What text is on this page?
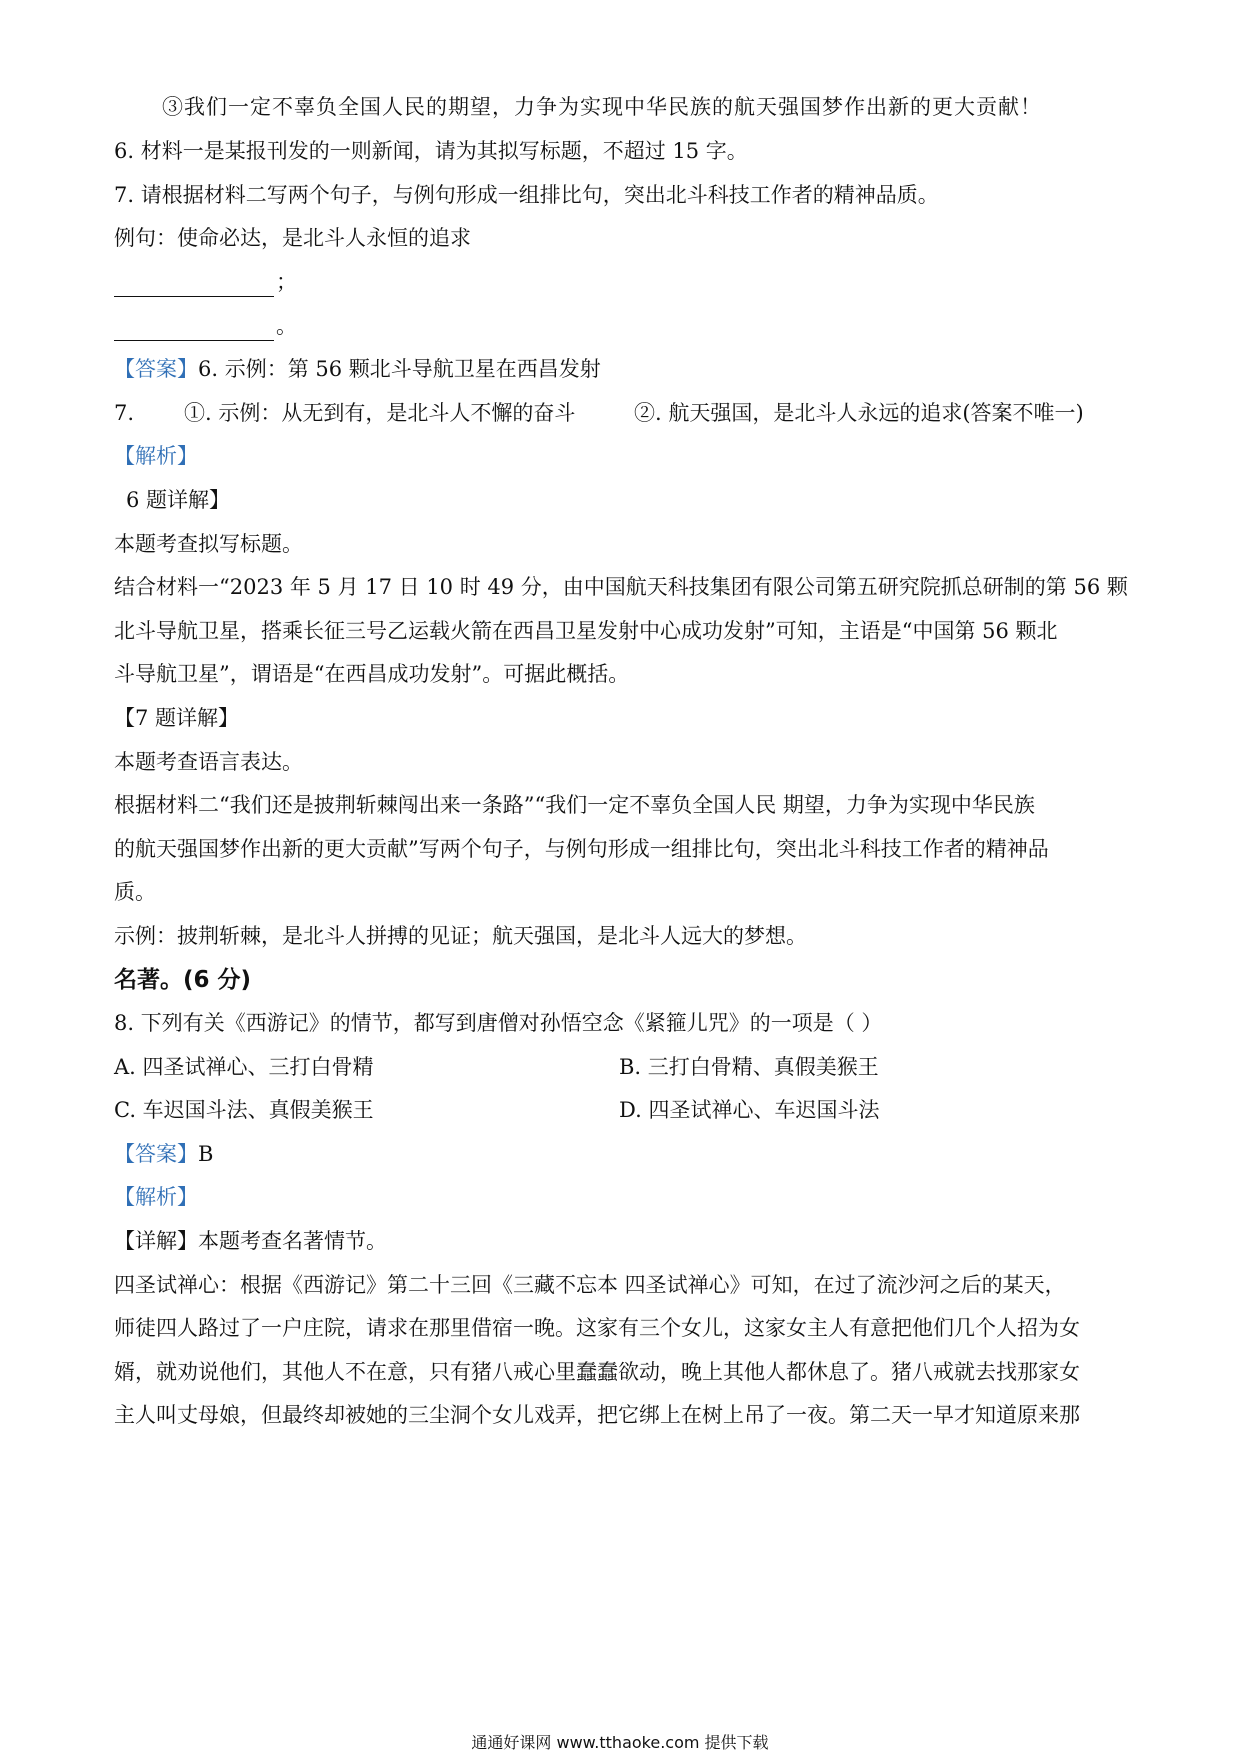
③我们一定不辜负全国人民的期望，力争为实现中华民族的航天强国梦作出新的更大贡献！
6. 材料一是某报刊发的一则新闻，请为其拟写标题，不超过 15 字。
7. 请根据材料二写两个句子，与例句形成一组排比句，突出北斗科技工作者的精神品质。
例句：使命必达，是北斗人永恒的追求
；
。
【答案】6. 示例：第 56 颗北斗导航卫星在西昌发射
7. ①. 示例：从无到有，是北斗人不懈的奋斗	②. 航天强国，是北斗人永远的追求(答案不唯一)
【解析】
6 题详解】
本题考查拟写标题。
结合材料一“2023 年 5 月 17 日 10 时 49 分，由中国航天科技集团有限公司第五研究院抓总研制的第 56 颗
北斗导航卫星，搭乘长征三号乙运载火箭在西昌卫星发射中心成功发射”可知，主语是“中国第 56 颗北
斗导航卫星”，谓语是“在西昌成功发射”。可据此概括。
【7 题详解】
本题考查语言表达。
根据材料二“我们还是披荆斩棘闯出来一条路”“我们一定不辜负全国人民 期望，力争为实现中华民族
的航天强国梦作出新的更大贡献”写两个句子，与例句形成一组排比句，突出北斗科技工作者的精神品
质。
示例：披荆斩棘，是北斗人拼搏的见证；航天强国，是北斗人远大的梦想。
名著。(6 分)
8. 下列有关《西游记》的情节，都写到唐僧对孙悟空念《紧箍儿咒》的一项是（ ）
A. 四圣试禅心、三打白骨精	B. 三打白骨精、真假美猴王
C. 车迟国斗法、真假美猴王	D. 四圣试禅心、车迟国斗法
【答案】B
【解析】
【详解】本题考查名著情节。
四圣试禅心：根据《西游记》第二十三回《三藏不忘本 四圣试禅心》可知，在过了流沙河之后的某天，
师徒四人路过了一户庄院，请求在那里借宿一晚。这家有三个女儿，这家女主人有意把他们几个人招为女
婿，就劝说他们，其他人不在意，只有猪八戒心里蠢蠢欲动，晚上其他人都休息了。猪八戒就去找那家女
主人叫丈母娘，但最终却被她的三尘洞个女儿戏弄，把它绑上在树上吊了一夜。第二天一早才知道原来那
通通好课网 www.tthaoke.com 提供下载
